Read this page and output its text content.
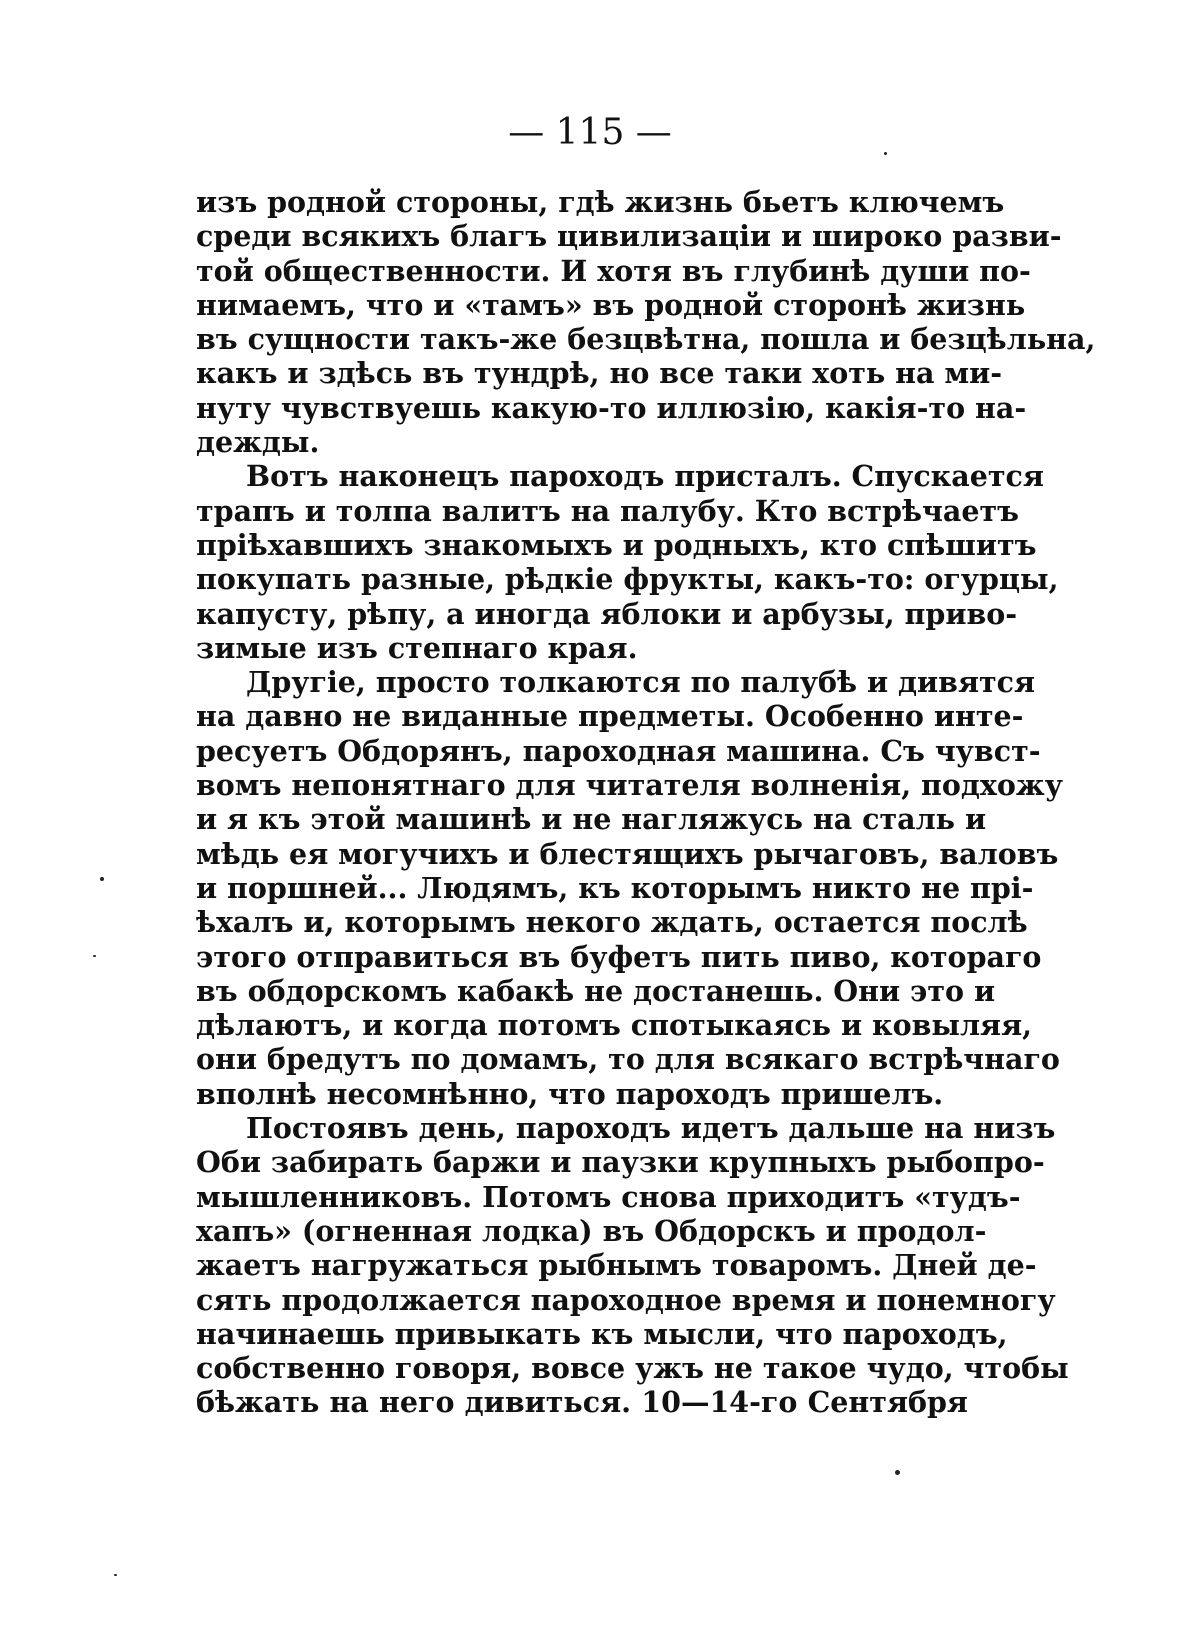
— 115 —
изъ родной стороны, гдѣ жизнь бьетъ ключемъ
среди всякихъ благъ цивилизаціи и широко разви-
той общественности. И хотя въ глубинѣ души по-
нимаемъ, что и «тамъ» въ родной сторонѣ жизнь
въ сущности такъ-же безцвѣтна, пошла и безцѣльна,
какъ и здѣсь въ тундрѣ, но все таки хоть на ми-
нуту чувствуешь какую-то иллюзію, какія-то на-
дежды.
Вотъ наконецъ пароходъ присталъ. Спускается
трапъ и толпа валитъ на палубу. Кто встрѣчаетъ
пріѣхавшихъ знакомыхъ и родныхъ, кто спѣшитъ
покупать разные, рѣдкіе фрукты, какъ-то: огурцы,
капусту, рѣпу, а иногда яблоки и арбузы, приво-
зимые изъ степнаго края.
Другіе, просто толкаются по палубѣ и дивятся
на давно не виданные предметы. Особенно инте-
ресуетъ Обдорянъ, пароходная машина. Съ чувст-
вомъ непонятнаго для читателя волненія, подхожу
и я къ этой машинѣ и не нагляжусь на сталь и
мѣдь ея могучихъ и блестящихъ рычаговъ, валовъ
и поршней... Людямъ, къ которымъ никто не прі-
ѣхалъ и, которымъ некого ждать, остается послѣ
этого отправиться въ буфетъ пить пиво, котораго
въ обдорскомъ кабакѣ не достанешь. Они это и
дѣлаютъ, и когда потомъ спотыкаясь и ковыляя,
они бредутъ по домамъ, то для всякаго встрѣчнаго
вполнѣ несомнѣнно, что пароходъ пришелъ.
Постоявъ день, пароходъ идетъ дальше на низъ
Оби забирать баржи и паузки крупныхъ рыбопро-
мышленниковъ. Потомъ снова приходитъ «тудъ-
хапъ» (огненная лодка) въ Обдорскъ и продол-
жаетъ нагружаться рыбнымъ товаромъ. Дней де-
сять продолжается пароходное время и понемногу
начинаешь привыкать къ мысли, что пароходъ,
собственно говоря, вовсе ужъ не такое чудо, чтобы
бѣжать на него дивиться. 10—14-го Сентября
